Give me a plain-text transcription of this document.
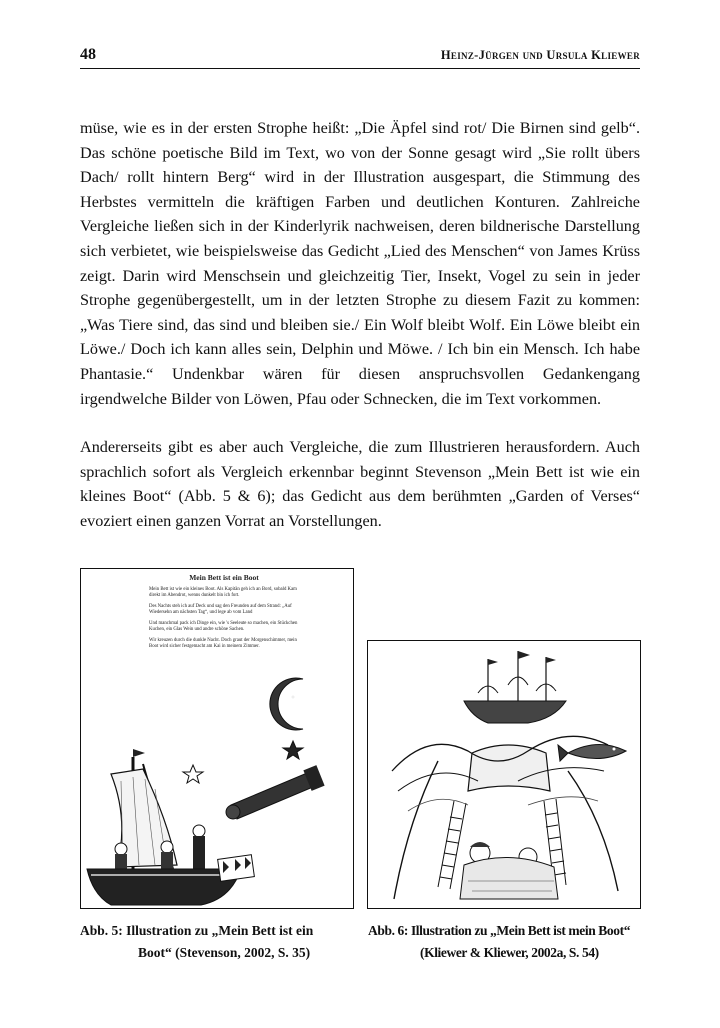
48	Heinz-Jürgen und Ursula Kliewer

müse, wie es in der ersten Strophe heißt: „Die Äpfel sind rot/ Die Birnen sind gelb“. Das schöne poetische Bild im Text, wo von der Sonne gesagt wird „Sie rollt übers Dach/ rollt hintern Berg“ wird in der Illustration ausgespart, die Stimmung des Herbstes vermitteln die kräftigen Farben und deutlichen Konturen. Zahlreiche Vergleiche ließen sich in der Kinderlyrik nachweisen, deren bildnerische Darstellung sich verbietet, wie beispielsweise das Gedicht „Lied des Menschen“ von James Krüss zeigt. Darin wird Menschsein und gleichzeitig Tier, Insekt, Vogel zu sein in jeder Strophe gegenübergestellt, um in der letzten Strophe zu diesem Fazit zu kommen: „Was Tiere sind, das sind und bleiben sie./ Ein Wolf bleibt Wolf. Ein Löwe bleibt ein Löwe./ Doch ich kann alles sein, Delphin und Möwe. / Ich bin ein Mensch. Ich habe Phantasie.“ Undenkbar wären für diesen anspruchsvollen Gedankengang irgendwelche Bilder von Löwen, Pfau oder Schnecken, die im Text vorkommen.

Andererseits gibt es aber auch Vergleiche, die zum Illustrieren herausfordern. Auch sprachlich sofort als Vergleich erkennbar beginnt Stevenson „Mein Bett ist wie ein kleines Boot“ (Abb. 5 & 6); das Gedicht aus dem berühmten „Garden of Verses“ evoziert einen ganzen Vorrat an Vorstellungen.

Mein Bett ist ein Boot
Mein Bett ist wie ein kleines Boot. Als Kapitän geh ich an Bord, sobald Kam direkt im Abendrot, wenns dunkelt bin ich fort.
Des Nachts steh ich auf Deck und sag den Freunden auf dem Strand: „Auf Wiedersehn am nächsten Tag“, und lege ab vom Land
Und manchmal pack ich Dinge ein, wie 's Seeleute so machen, ein Stückchen Kuchen, ein Glas Wein und andre schöne Sachen.
Wir kreuzen durch die dunkle Nacht. Doch graut der Morgenschimmer, mein Boot wird sicher festgemacht am Kai in meinem Zimmer.
Abb. 5: Illustration zu „Mein Bett ist ein
Boot“ (Stevenson, 2002, S. 35)
Abb. 6: Illustration zu „Mein Bett ist mein Boot“
(Kliewer & Kliewer, 2002a, S. 54)
